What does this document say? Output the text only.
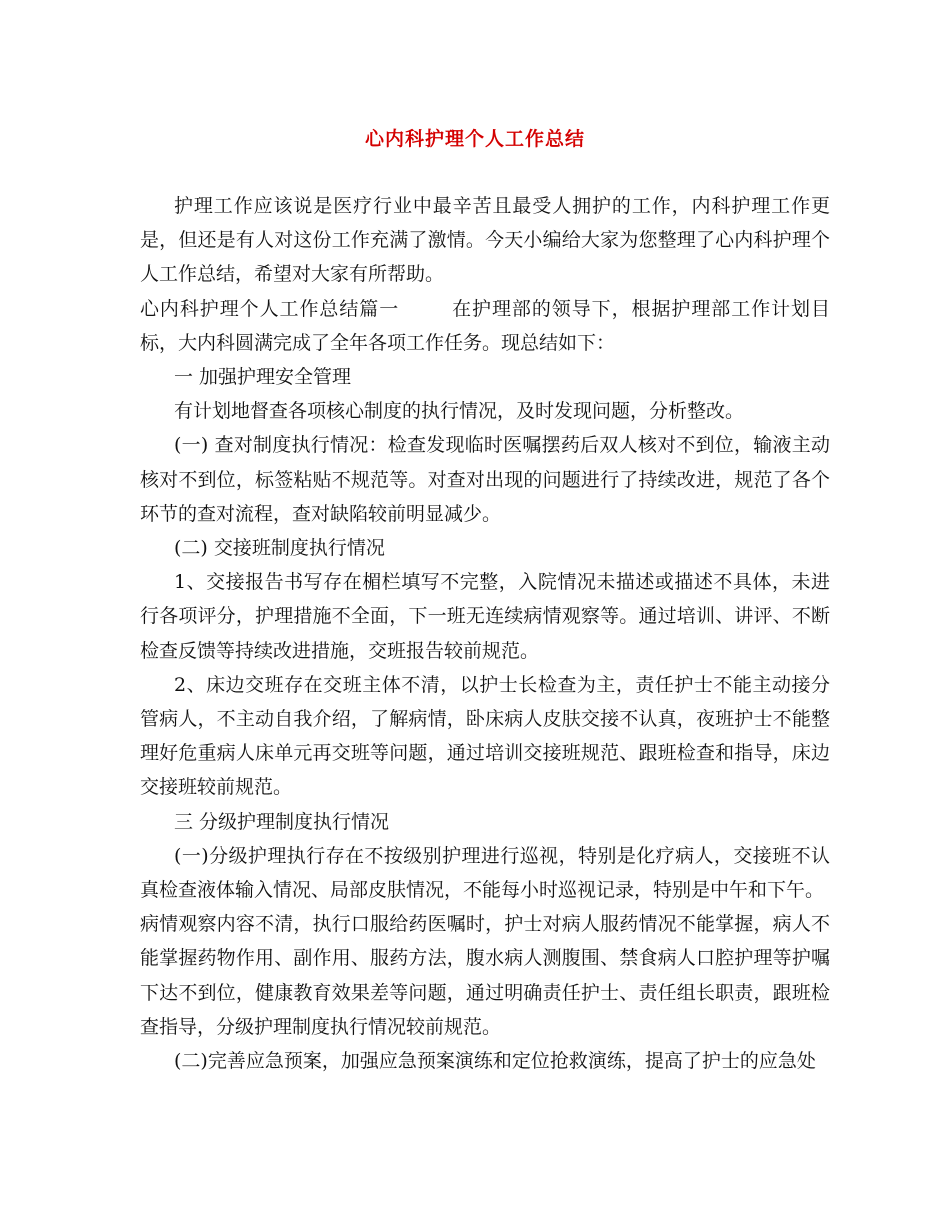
心内科护理个人工作总结

护理工作应该说是医疗行业中最辛苦且最受人拥护的工作，内科护理工作更是，但还是有人对这份工作充满了激情。今天小编给大家为您整理了心内科护理个人工作总结，希望对大家有所帮助。

心内科护理个人工作总结篇一	在护理部的领导下，根据护理部工作计划目标，大内科圆满完成了全年各项工作任务。现总结如下：

一 加强护理安全管理

有计划地督查各项核心制度的执行情况，及时发现问题，分析整改。

(一) 查对制度执行情况：检查发现临时医嘱摆药后双人核对不到位，输液主动核对不到位，标签粘贴不规范等。对查对出现的问题进行了持续改进，规范了各个环节的查对流程，查对缺陷较前明显减少。

(二) 交接班制度执行情况

1、交接报告书写存在楣栏填写不完整，入院情况未描述或描述不具体，未进行各项评分，护理措施不全面，下一班无连续病情观察等。通过培训、讲评、不断检查反馈等持续改进措施，交班报告较前规范。

2、床边交班存在交班主体不清，以护士长检查为主，责任护士不能主动接分管病人，不主动自我介绍，了解病情，卧床病人皮肤交接不认真，夜班护士不能整理好危重病人床单元再交班等问题，通过培训交接班规范、跟班检查和指导，床边交接班较前规范。

三 分级护理制度执行情况

(一)分级护理执行存在不按级别护理进行巡视，特别是化疗病人，交接班不认真检查液体输入情况、局部皮肤情况，不能每小时巡视记录，特别是中午和下午。

病情观察内容不清，执行口服给药医嘱时，护士对病人服药情况不能掌握，病人不能掌握药物作用、副作用、服药方法，腹水病人测腹围、禁食病人口腔护理等护嘱下达不到位，健康教育效果差等问题，通过明确责任护士、责任组长职责，跟班检查指导，分级护理制度执行情况较前规范。

(二)完善应急预案，加强应急预案演练和定位抢救演练，提高了护士的应急处
